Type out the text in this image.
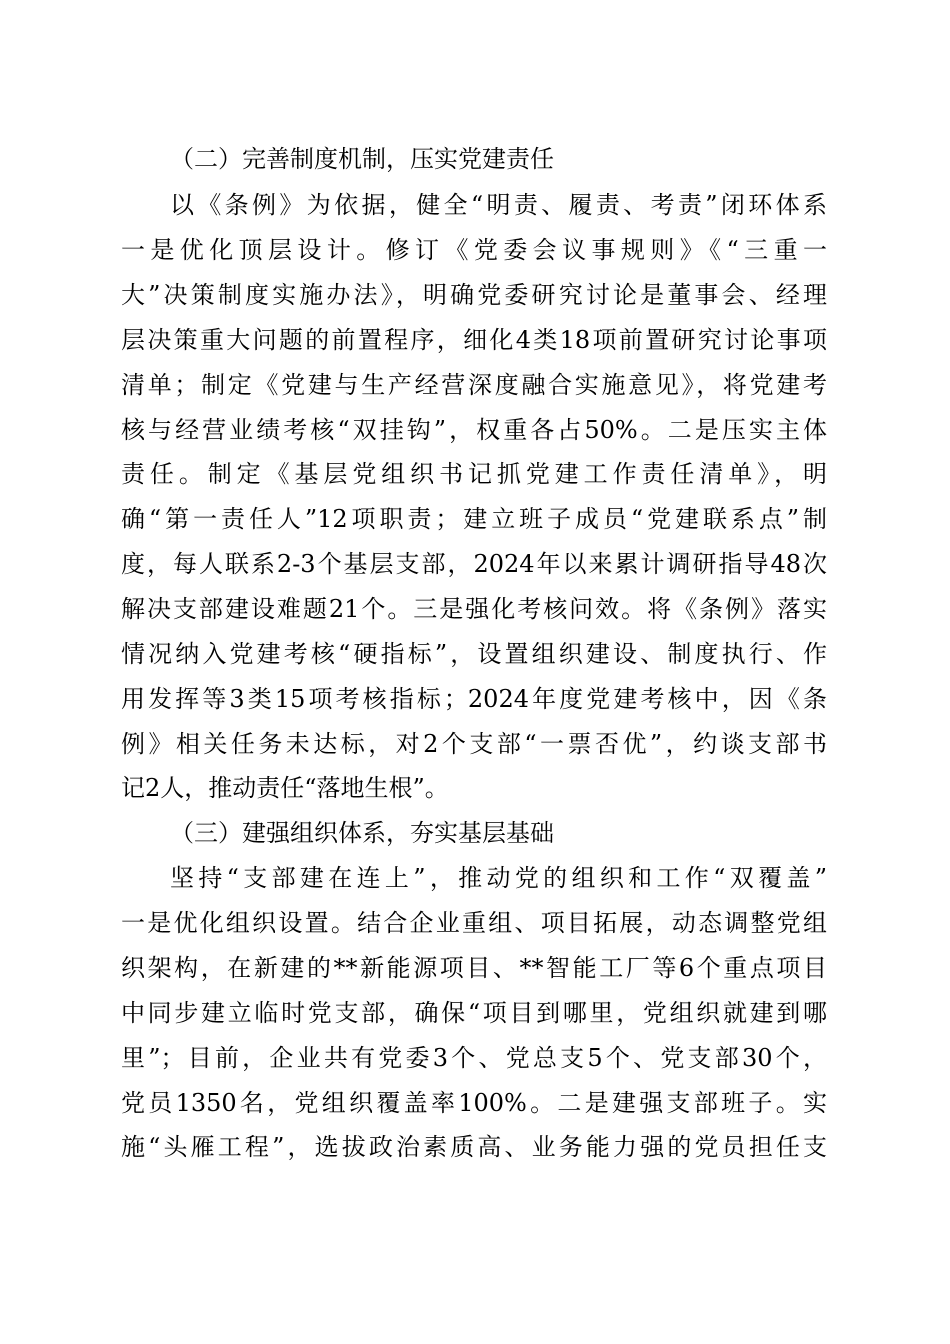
（二）完善制度机制，压实党建责任
以《条例》为依据，健全“明责、履责、考责”闭环体系
一是优化顶层设计。修订《党委会议事规则》《“三重一
大”决策制度实施办法》，明确党委研究讨论是董事会、经理
层决策重大问题的前置程序，细化4类18项前置研究讨论事项
清单；制定《党建与生产经营深度融合实施意见》，将党建考
核与经营业绩考核“双挂钩”，权重各占50%。二是压实主体
责任。制定《基层党组织书记抓党建工作责任清单》，明
确“第一责任人”12项职责；建立班子成员“党建联系点”制
度，每人联系2-3个基层支部，2024年以来累计调研指导48次
解决支部建设难题21个。三是强化考核问效。将《条例》落实
情况纳入党建考核“硬指标”，设置组织建设、制度执行、作
用发挥等3类15项考核指标；2024年度党建考核中，因《条
例》相关任务未达标，对2个支部“一票否优”，约谈支部书
记2人，推动责任“落地生根”。
（三）建强组织体系，夯实基层基础
坚持“支部建在连上”，推动党的组织和工作“双覆盖”
一是优化组织设置。结合企业重组、项目拓展，动态调整党组
织架构，在新建的**新能源项目、**智能工厂等6个重点项目
中同步建立临时党支部，确保“项目到哪里，党组织就建到哪
里”；目前，企业共有党委3个、党总支5个、党支部30个，
党员1350名，党组织覆盖率100%。二是建强支部班子。实
施“头雁工程”，选拔政治素质高、业务能力强的党员担任支
